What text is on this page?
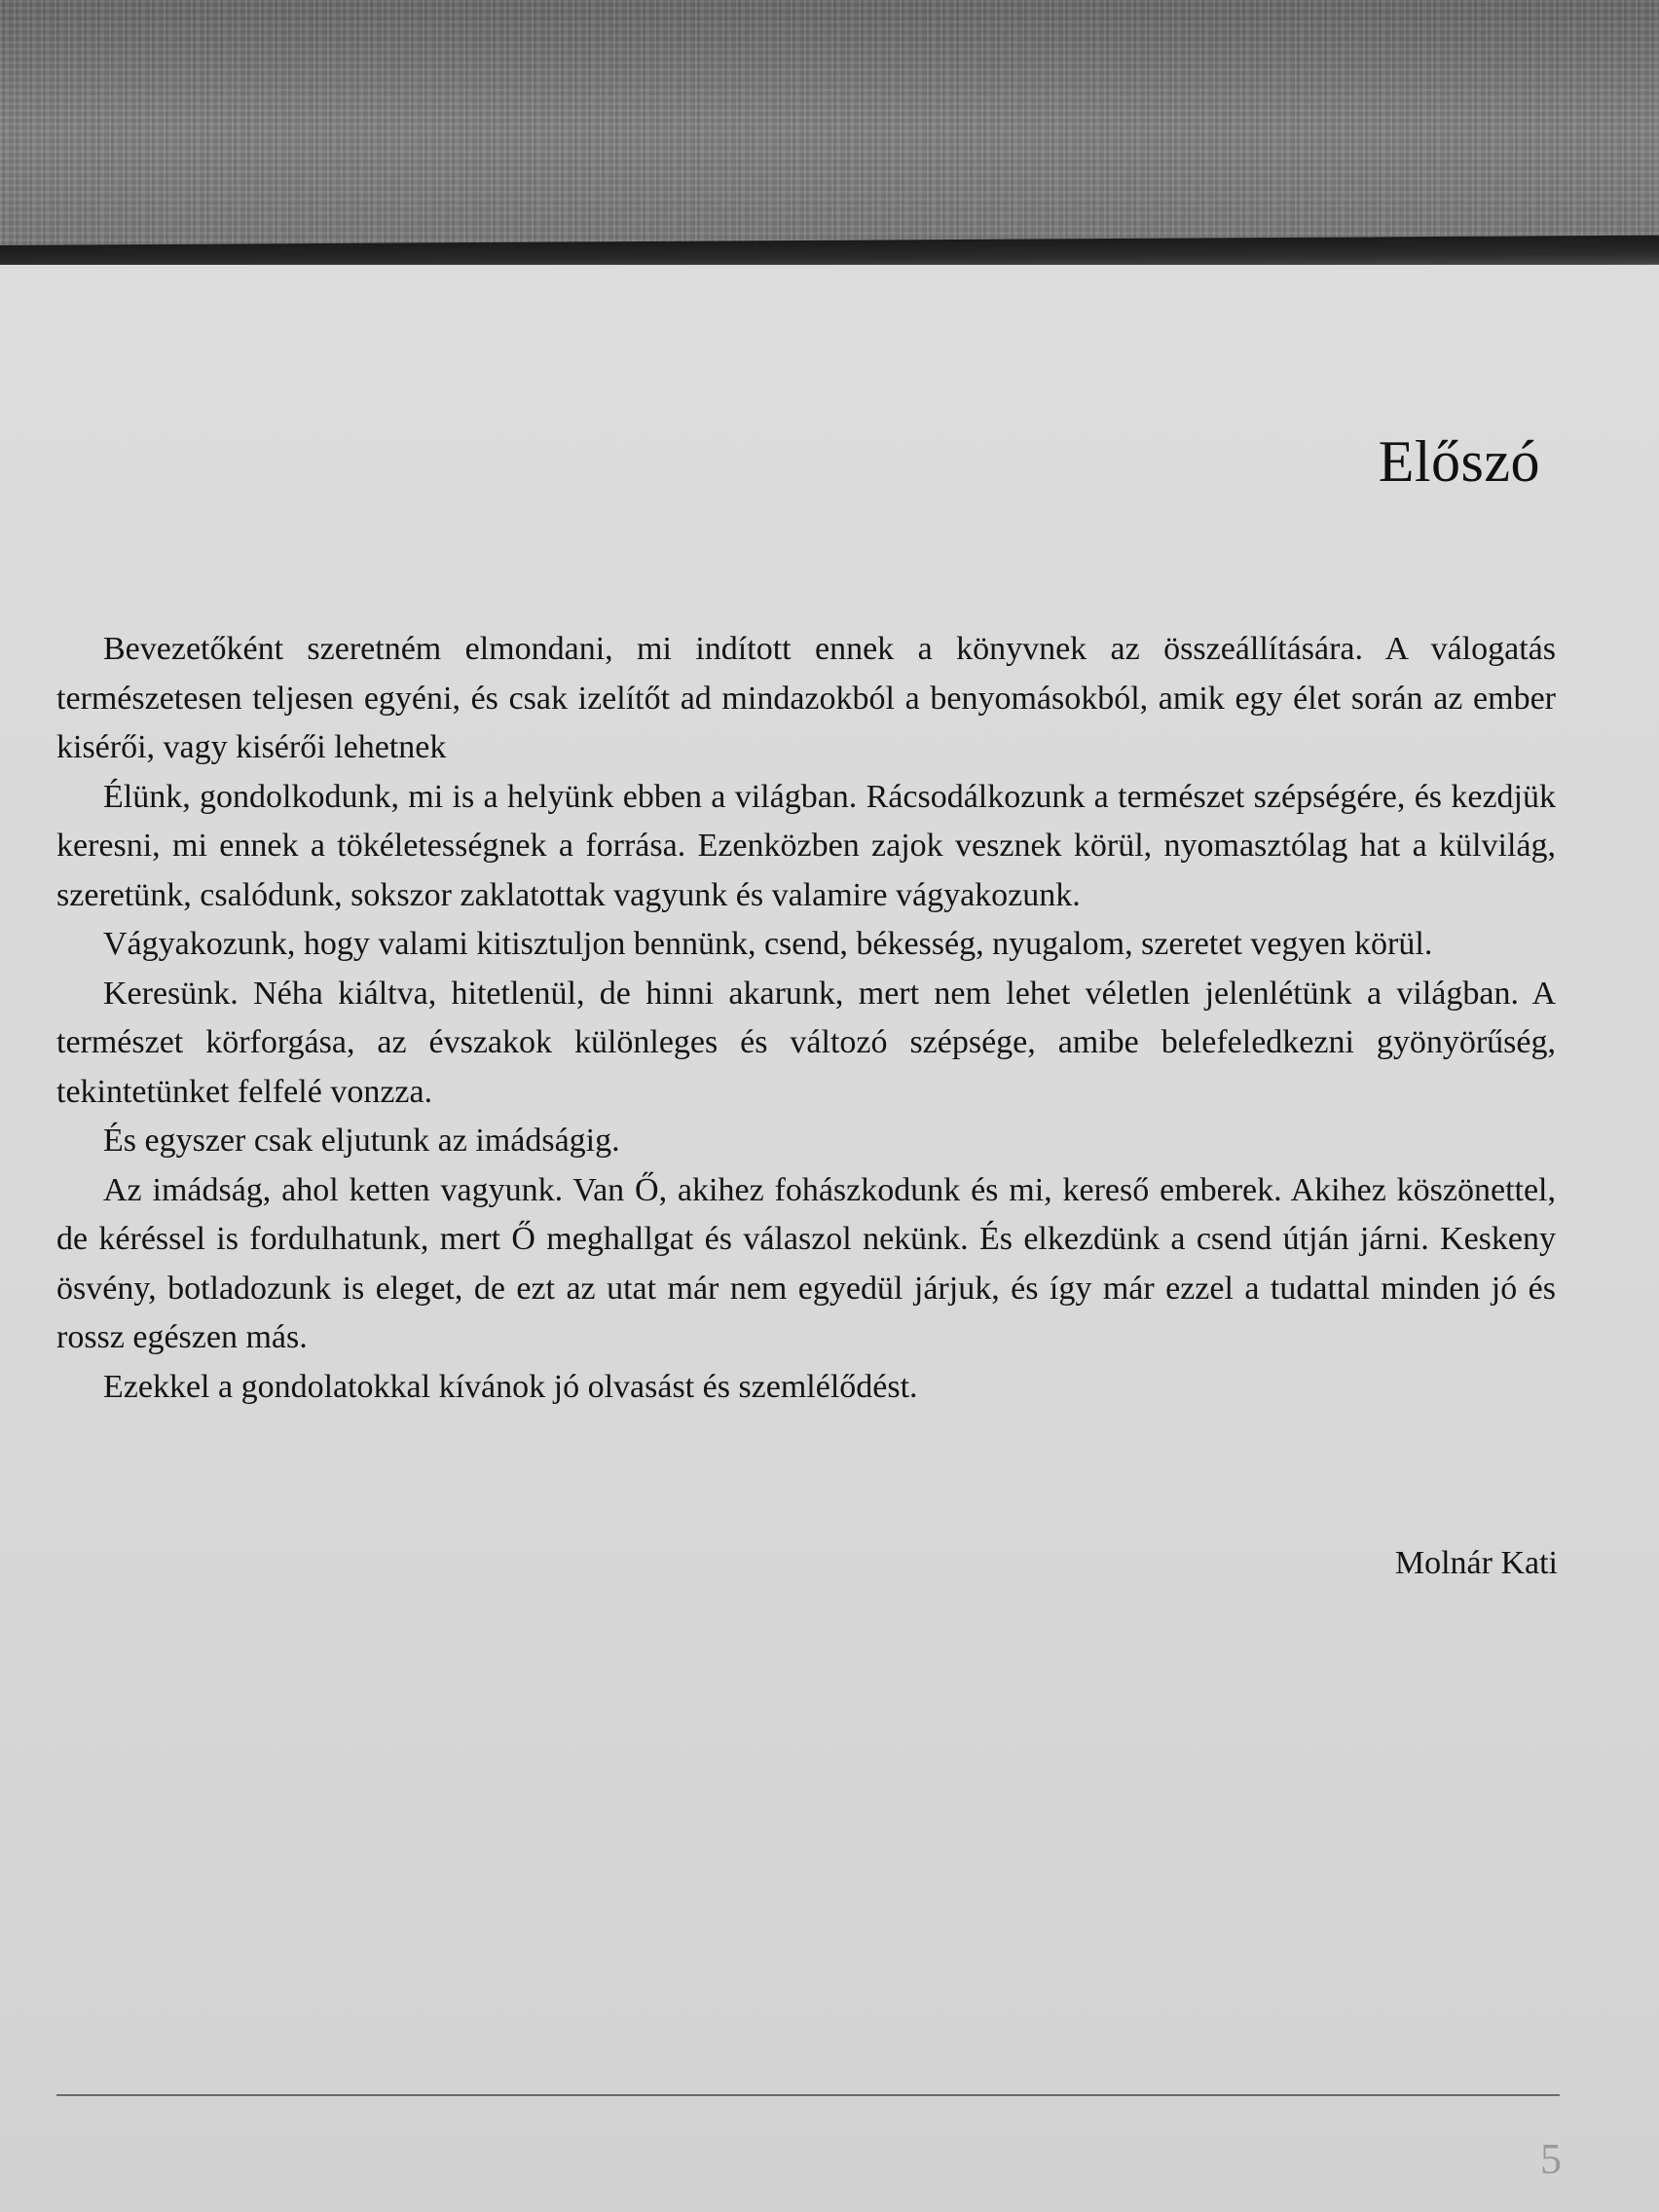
Előszó

Bevezetőként szeretném elmondani, mi indított ennek a könyvnek az összeállítására. A válogatás természetesen teljesen egyéni, és csak izelítőt ad mindazokból a benyomásokból, amik egy élet során az ember kisérői, vagy kisérői lehetnek

Élünk, gondolkodunk, mi is a helyünk ebben a világban. Rácsodálkozunk a természet szépségére, és kezdjük keresni, mi ennek a tökéletességnek a forrása. Ezenközben zajok vesznek körül, nyomasztólag hat a külvilág, szeretünk, csalódunk, sokszor zaklatottak vagyunk és valamire vágyakozunk.

Vágyakozunk, hogy valami kitisztuljon bennünk, csend, békesség, nyugalom, szeretet vegyen körül.

Keresünk. Néha kiáltva, hitetlenül, de hinni akarunk, mert nem lehet véletlen jelenlétünk a világban. A természet körforgása, az évszakok különleges és változó szépsége, amibe belefeledkezni gyönyörűség, tekintetünket felfelé vonzza.

És egyszer csak eljutunk az imádságig.

Az imádság, ahol ketten vagyunk. Van Ő, akihez fohászkodunk és mi, kereső emberek. Akihez köszönettel, de kéréssel is fordulhatunk, mert Ő meghallgat és válaszol nekünk. És elkezdünk a csend útján járni. Keskeny ösvény, botladozunk is eleget, de ezt az utat már nem egyedül járjuk, és így már ezzel a tudattal minden jó és rossz egészen más.

Ezekkel a gondolatokkal kívánok jó olvasást és szemlélődést.

Molnár Kati

5
